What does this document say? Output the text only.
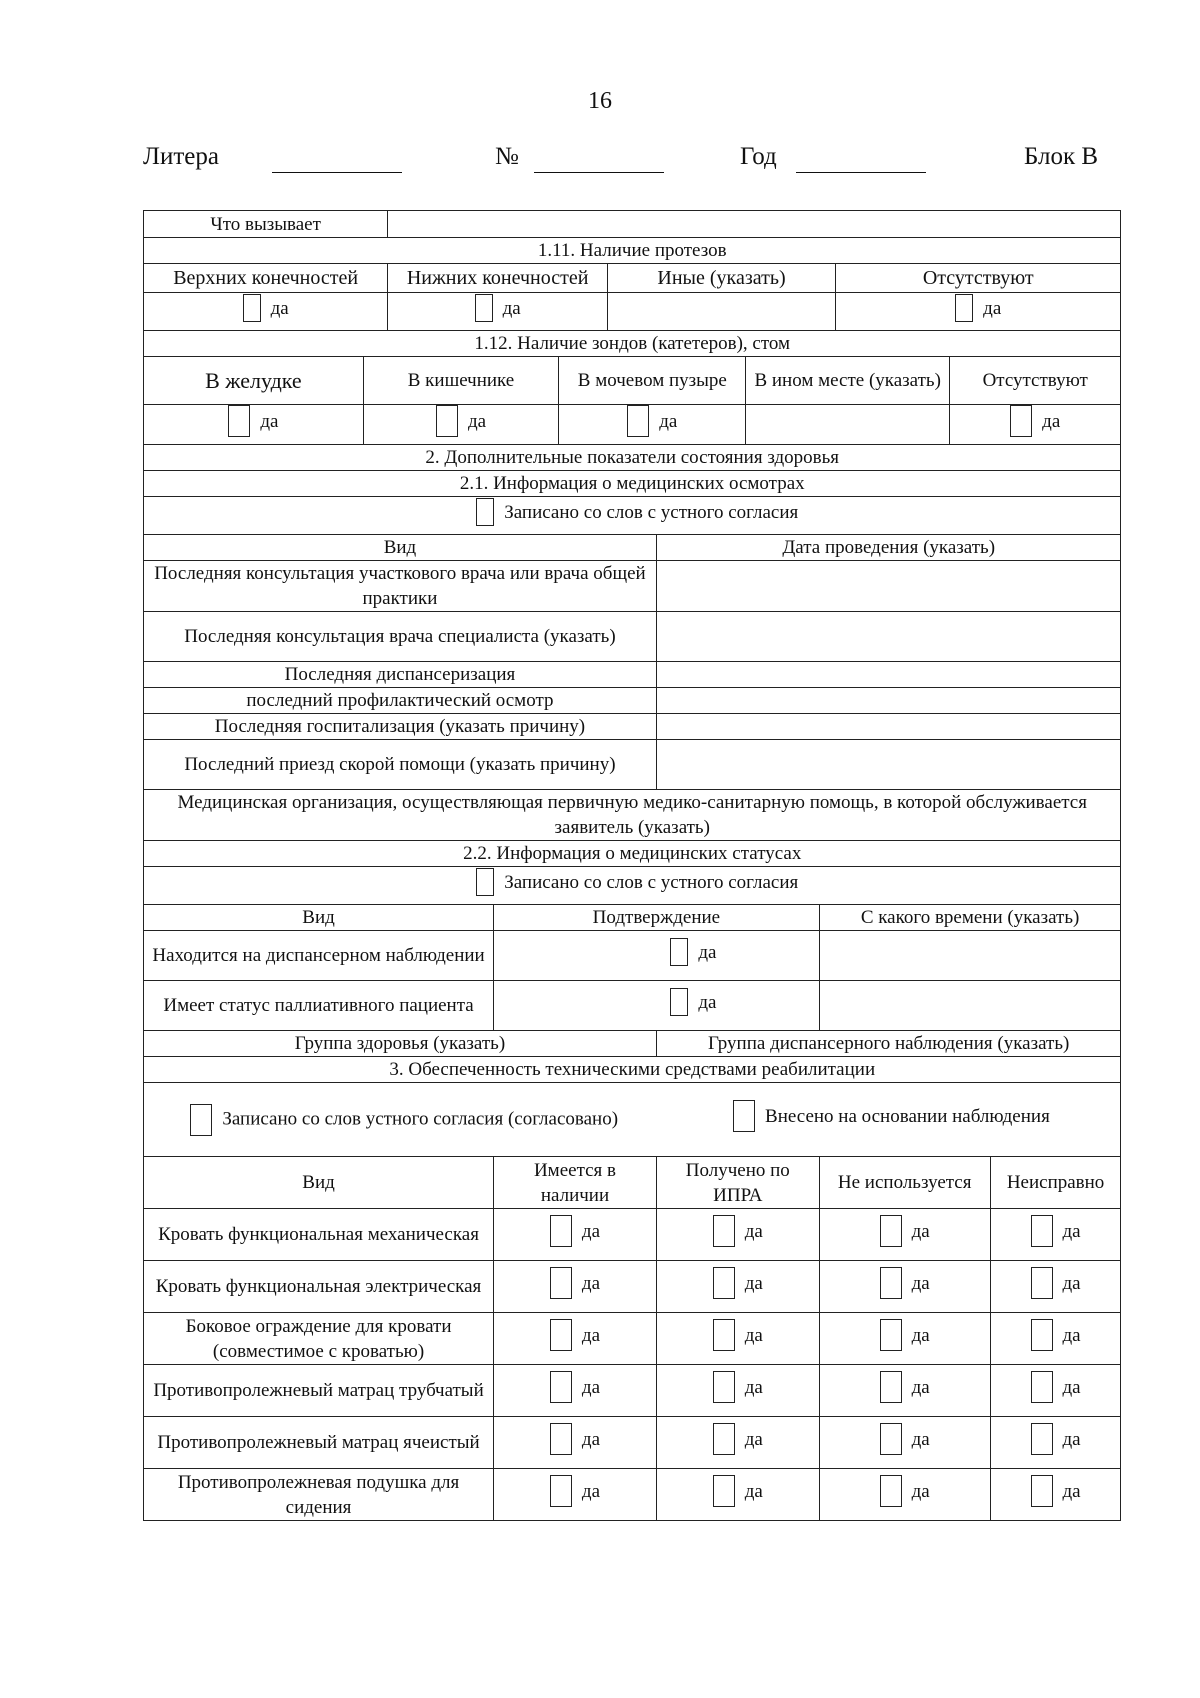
16
Литера	№	Год	Блок В
Что вызывает											
1.11. Наличие протезов											
Верхних конечностей		Нижних конечностей			Иные (указать)				Отсутствуют		

да		да							да		

1.12. Наличие зондов (катетеров), стом											
В желудке	В кишечнике			В мочевом пузыре			В ином месте (указать)			Отсутствуют	

да	да			да						да	

2. Дополнительные показатели состояния здоровья											
2.1. Информация о медицинских осмотрах											

Записано со слов с устного согласия											

Вид						Дата проведения (указать)					
Последняя консультация участкового врача или врача общей практики											
Последняя консультация врача специалиста (указать)											
Последняя диспансеризация											
последний профилактический осмотр											
Последняя госпитализация (указать причину)											
Последний приезд скорой помощи (указать причину)											
Медицинская организация, осуществляющая первичную медико-санитарную помощь, в которой обслуживается заявитель (указать)											
2.2. Информация о медицинских статусах											

Записано со слов с устного согласия											

Вид			Подтверждение					С какого времени (указать)			
Находится на диспансерном наблюдении			да								

Имеет статус паллиативного пациента			да								

Группа здоровья (указать)						Группа диспансерного наблюдения (указать)					
3. Обеспеченность техническими средствами реабилитации											
Записано со слов устного согласия (согласовано)						Внесено на основании наблюдения					

Вид			Имеется в наличии			Получено по ИПРА		Не используется			Неисправно
Кровать функциональная механическая			да			да		да			да

Кровать функциональная электрическая			да			да		да			да

Боковое ограждение для кровати (совместимое с кроватью)			да			да		да			да

Противопролежневый матрац трубчатый			да			да		да			да

Противопролежневый матрац ячеистый			да			да		да			да

Противопролежневая подушка для сидения			да			да		да			да
